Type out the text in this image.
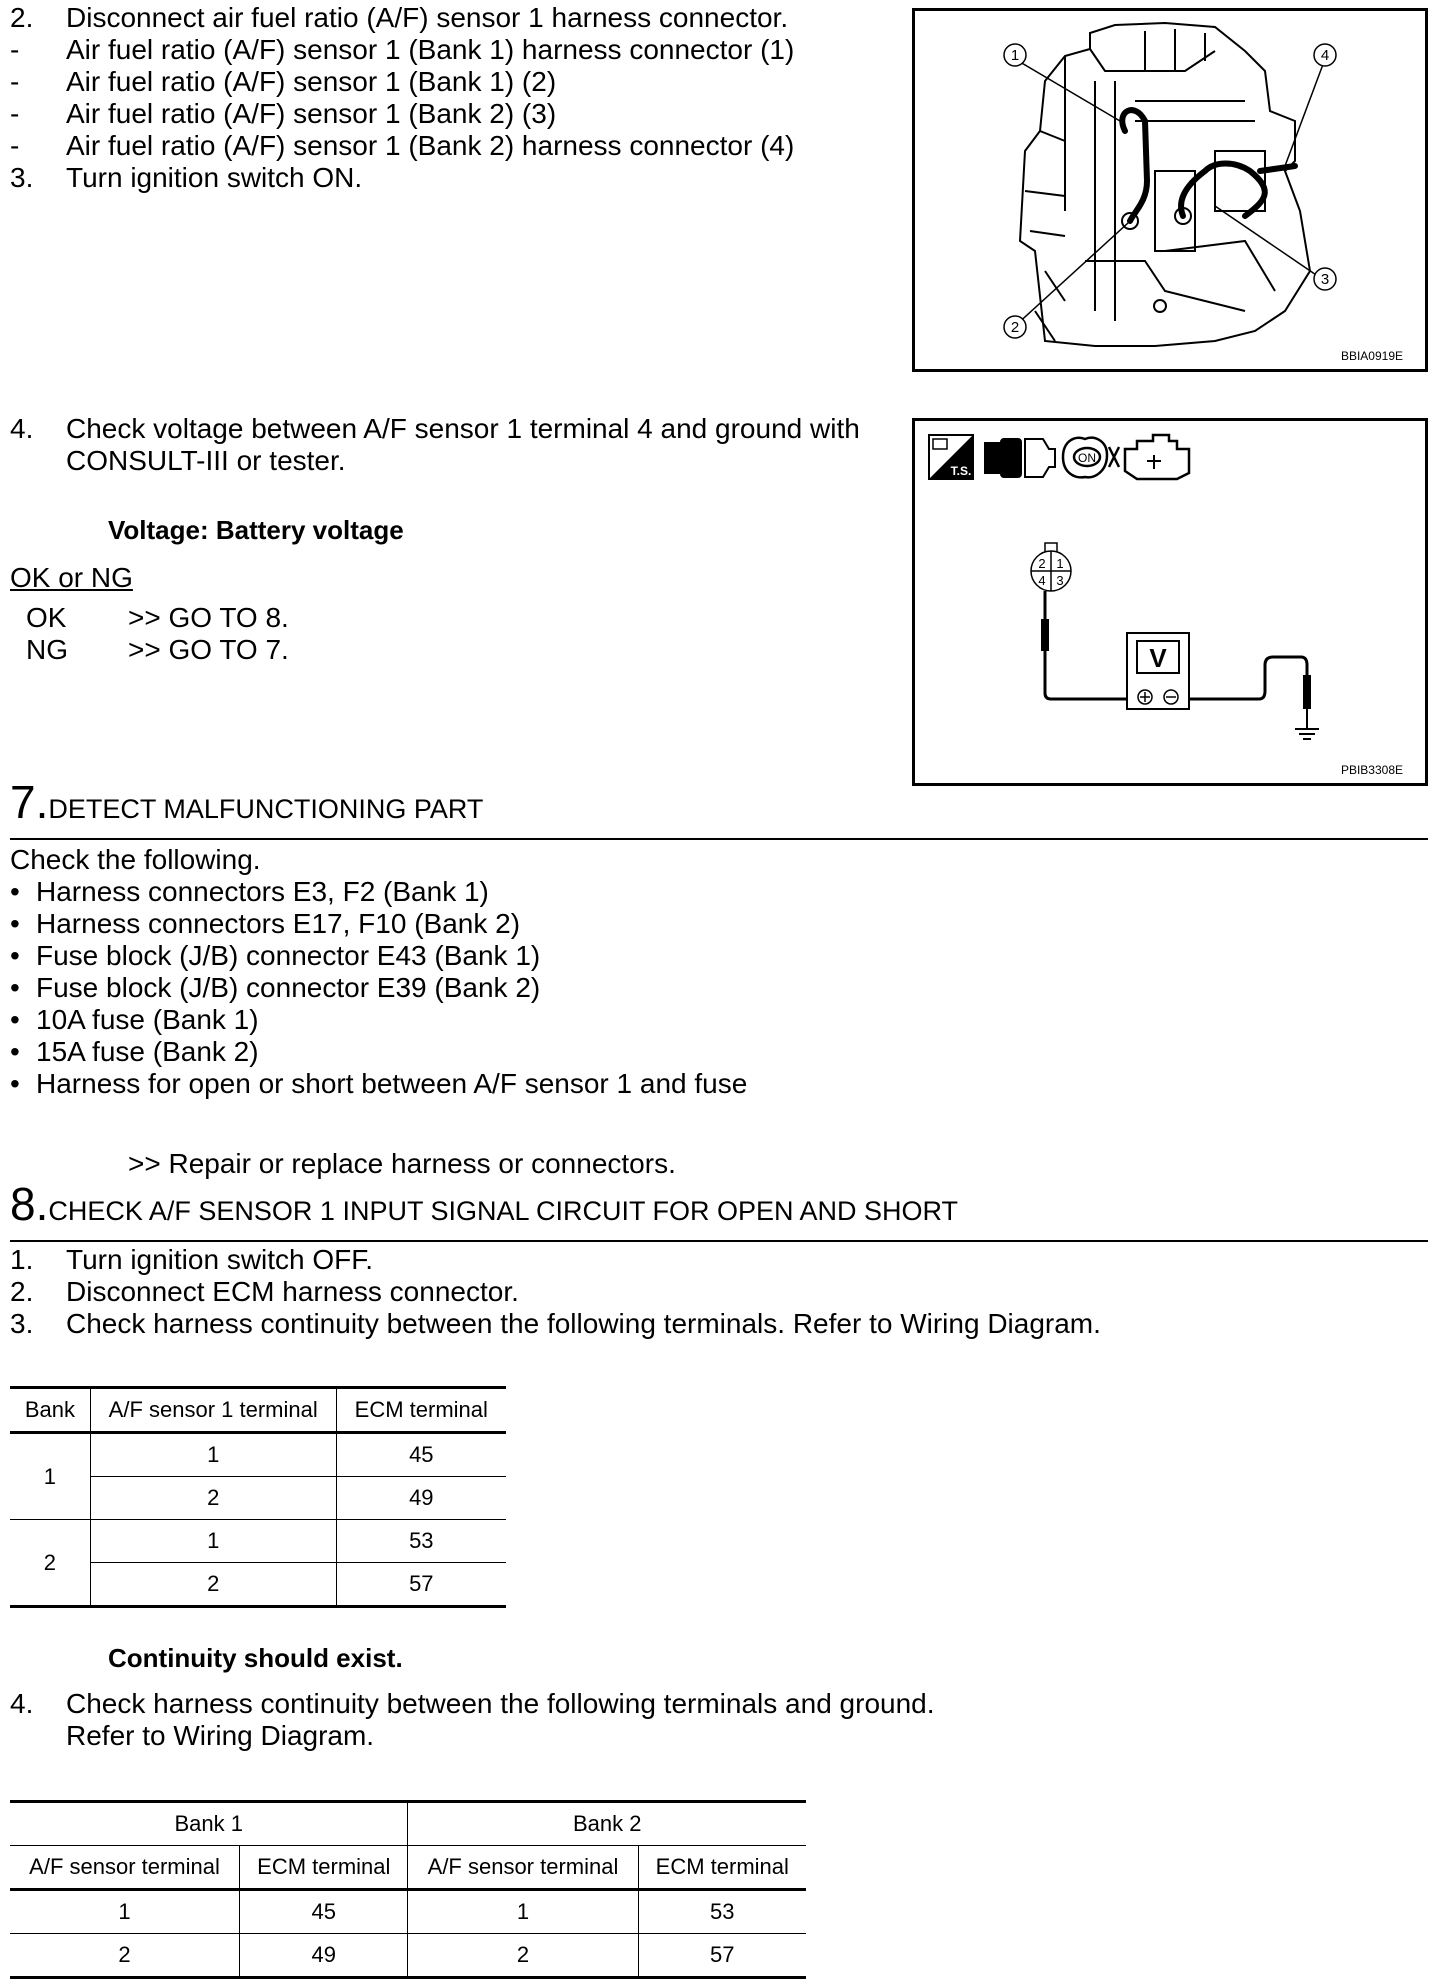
2. Disconnect air fuel ratio (A/F) sensor 1 harness connector.
- Air fuel ratio (A/F) sensor 1 (Bank 1) harness connector (1)
- Air fuel ratio (A/F) sensor 1 (Bank 1) (2)
- Air fuel ratio (A/F) sensor 1 (Bank 2) (3)
- Air fuel ratio (A/F) sensor 1 (Bank 2) harness connector (4)
3. Turn ignition switch ON.
1
2
3
4
BBIA0919E
4. Check voltage between A/F sensor 1 terminal 4 and ground with
CONSULT-III or tester.
Voltage: Battery voltage
OK or NG
OK >> GO TO 8.
NG >> GO TO 7.
T.S.
ON
2 1
4 3
V
PBIB3308E
7.DETECT MALFUNCTIONING PART
Check the following.
• Harness connectors E3, F2 (Bank 1)
• Harness connectors E17, F10 (Bank 2)
• Fuse block (J/B) connector E43 (Bank 1)
• Fuse block (J/B) connector E39 (Bank 2)
• 10A fuse (Bank 1)
• 15A fuse (Bank 2)
• Harness for open or short between A/F sensor 1 and fuse
>> Repair or replace harness or connectors.
8.CHECK A/F SENSOR 1 INPUT SIGNAL CIRCUIT FOR OPEN AND SHORT
1. Turn ignition switch OFF.
2. Disconnect ECM harness connector.
3. Check harness continuity between the following terminals. Refer to Wiring Diagram.
Bank	A/F sensor 1 terminal	ECM terminal
1	1	45
	2	49
2	1	53
	2	57
Continuity should exist.
4. Check harness continuity between the following terminals and ground.
Refer to Wiring Diagram.
Bank 1		Bank 2	
A/F sensor terminal	ECM terminal	A/F sensor terminal	ECM terminal
1	45	1	53
2	49	2	57
